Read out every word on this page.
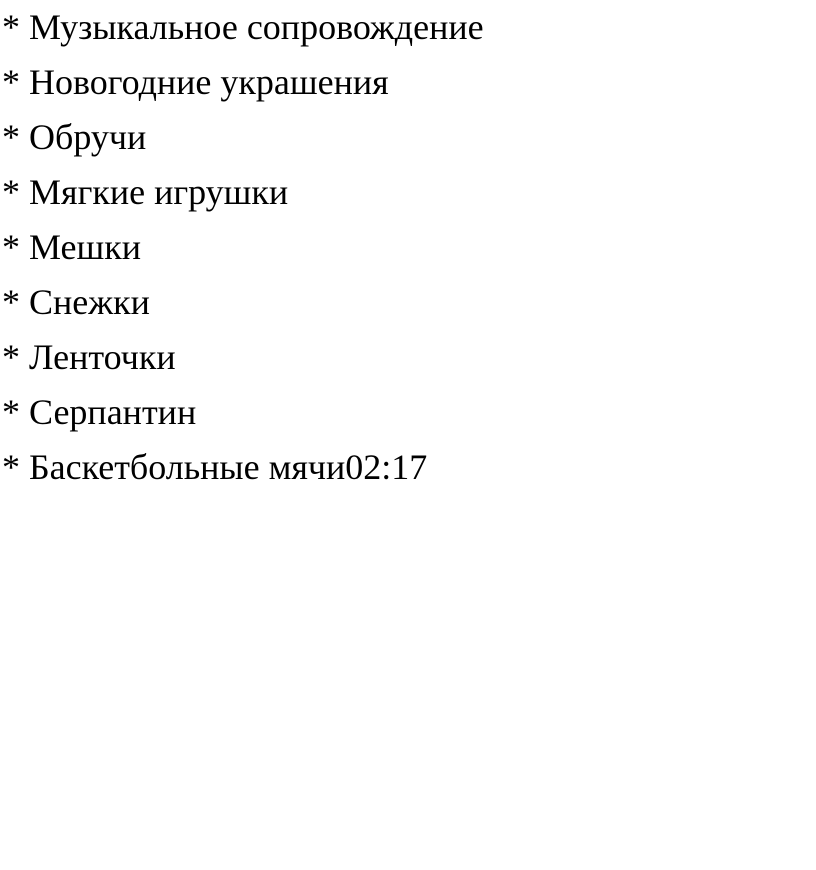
* Музыкальное сопровождение
* Новогодние украшения
* Обручи
* Мягкие игрушки
* Мешки
* Снежки
* Ленточки
* Серпантин
* Баскетбольные мячи02:17
